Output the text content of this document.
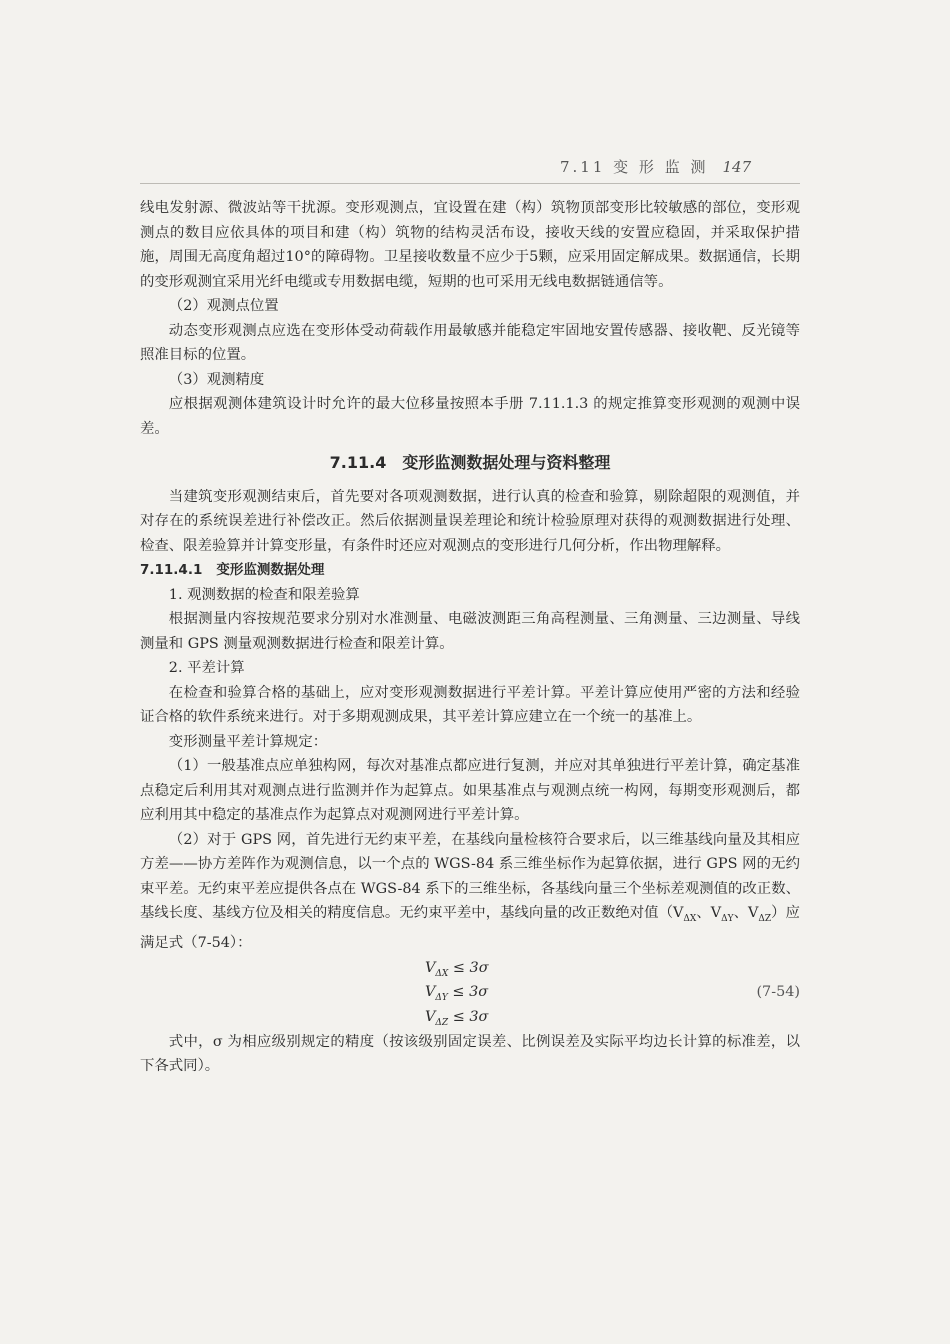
7.11 变 形 监 测 147

线电发射源、微波站等干扰源。变形观测点，宜设置在建（构）筑物顶部变形比较敏感的部位，变形观测点的数目应依具体的项目和建（构）筑物的结构灵活布设，接收天线的安置应稳固，并采取保护措施，周围无高度角超过10°的障碍物。卫星接收数量不应少于5颗，应采用固定解成果。数据通信，长期的变形观测宜采用光纤电缆或专用数据电缆，短期的也可采用无线电数据链通信等。

（2）观测点位置

动态变形观测点应选在变形体受动荷载作用最敏感并能稳定牢固地安置传感器、接收靶、反光镜等照准目标的位置。

（3）观测精度

应根据观测体建筑设计时允许的最大位移量按照本手册 7.11.1.3 的规定推算变形观测的观测中误差。

7.11.4 变形监测数据处理与资料整理

当建筑变形观测结束后，首先要对各项观测数据，进行认真的检查和验算，剔除超限的观测值，并对存在的系统误差进行补偿改正。然后依据测量误差理论和统计检验原理对获得的观测数据进行处理、检查、限差验算并计算变形量，有条件时还应对观测点的变形进行几何分析，作出物理解释。

7.11.4.1 变形监测数据处理

1. 观测数据的检查和限差验算

根据测量内容按规范要求分别对水准测量、电磁波测距三角高程测量、三角测量、三边测量、导线测量和 GPS 测量观测数据进行检查和限差计算。

2. 平差计算

在检查和验算合格的基础上，应对变形观测数据进行平差计算。平差计算应使用严密的方法和经验证合格的软件系统来进行。对于多期观测成果，其平差计算应建立在一个统一的基准上。

变形测量平差计算规定：

（1）一般基准点应单独构网，每次对基准点都应进行复测，并应对其单独进行平差计算，确定基准点稳定后利用其对观测点进行监测并作为起算点。如果基准点与观测点统一构网，每期变形观测后，都应利用其中稳定的基准点作为起算点对观测网进行平差计算。

（2）对于 GPS 网，首先进行无约束平差，在基线向量检核符合要求后，以三维基线向量及其相应方差——协方差阵作为观测信息，以一个点的 WGS-84 系三维坐标作为起算依据，进行 GPS 网的无约束平差。无约束平差应提供各点在 WGS-84 系下的三维坐标，各基线向量三个坐标差观测值的改正数、基线长度、基线方位及相关的精度信息。无约束平差中，基线向量的改正数绝对值（$V_{\Delta X}$、$V_{\Delta Y}$、$V_{\Delta Z}$）应满足式（7-54）：

$V_{\Delta X} \le 3\sigma$
$V_{\Delta Y} \le 3\sigma$
$V_{\Delta Z} \le 3\sigma$
(7-54)

式中，σ 为相应级别规定的精度（按该级别固定误差、比例误差及实际平均边长计算的标准差，以下各式同）。
